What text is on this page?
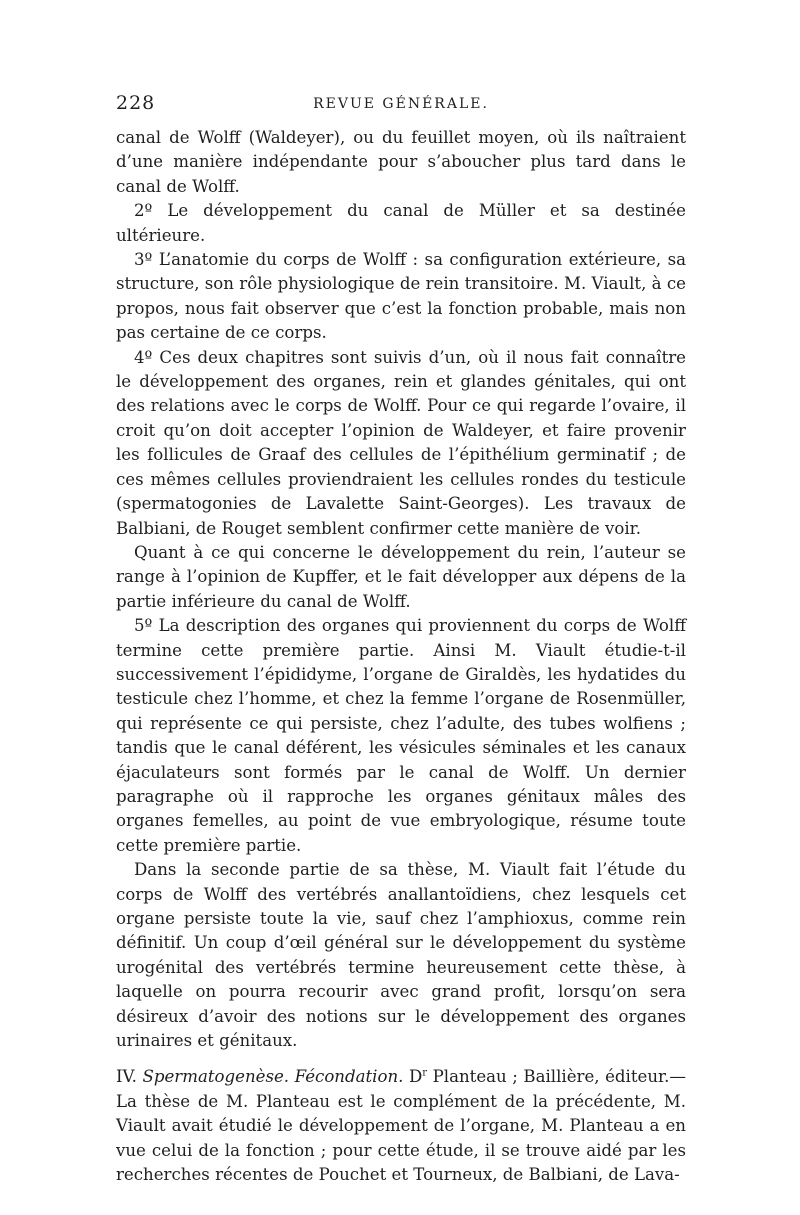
228	REVUE GÉNÉRALE.

canal de Wolff (Waldeyer), ou du feuillet moyen, où ils naîtraient d’une manière indépendante pour s’aboucher plus tard dans le canal de Wolff.

2º Le développement du canal de Müller et sa destinée ultérieure.

3º L’anatomie du corps de Wolff : sa configuration extérieure, sa structure, son rôle physiologique de rein transitoire. M. Viault, à ce propos, nous fait observer que c’est la fonction probable, mais non pas certaine de ce corps.

4º Ces deux chapitres sont suivis d’un, où il nous fait connaître le développement des organes, rein et glandes génitales, qui ont des relations avec le corps de Wolff. Pour ce qui regarde l’ovaire, il croit qu’on doit accepter l’opinion de Waldeyer, et faire provenir les follicules de Graaf des cellules de l’épithélium germinatif ; de ces mêmes cellules proviendraient les cellules rondes du testicule (spermatogonies de Lavalette Saint-Georges). Les travaux de Balbiani, de Rouget semblent confirmer cette manière de voir.

Quant à ce qui concerne le développement du rein, l’auteur se range à l’opinion de Kupffer, et le fait développer aux dépens de la partie inférieure du canal de Wolff.

5º La description des organes qui proviennent du corps de Wolff termine cette première partie. Ainsi M. Viault étudie-t-il successivement l’épididyme, l’organe de Giraldès, les hydatides du testicule chez l’homme, et chez la femme l’organe de Rosenmüller, qui représente ce qui persiste, chez l’adulte, des tubes wolfiens ; tandis que le canal déférent, les vésicules séminales et les canaux éjaculateurs sont formés par le canal de Wolff. Un dernier paragraphe où il rapproche les organes génitaux mâles des organes femelles, au point de vue embryologique, résume toute cette première partie.

Dans la seconde partie de sa thèse, M. Viault fait l’étude du corps de Wolff des vertébrés anallantoïdiens, chez lesquels cet organe persiste toute la vie, sauf chez l’amphioxus, comme rein définitif. Un coup d’œil général sur le développement du système urogénital des vertébrés termine heureusement cette thèse, à laquelle on pourra recourir avec grand profit, lorsqu’on sera désireux d’avoir des notions sur le développement des organes urinaires et génitaux.

IV. Spermatogenèse. Fécondation. $D^r$ Planteau ; Baillière, éditeur.— La thèse de M. Planteau est le complément de la précédente, M. Viault avait étudié le développement de l’organe, M. Planteau a en vue celui de la fonction ; pour cette étude, il se trouve aidé par les recherches récentes de Pouchet et Tourneux, de Balbiani, de Lava-
